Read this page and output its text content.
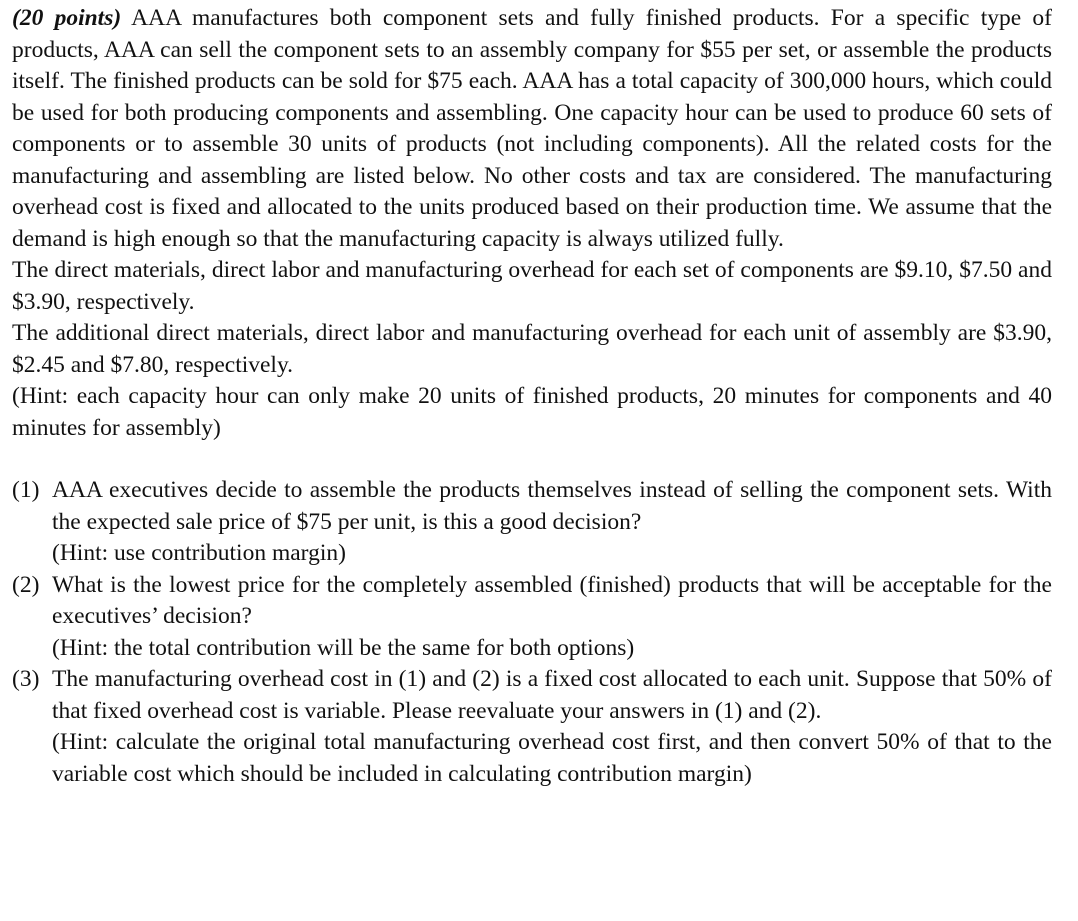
(20 points) AAA manufactures both component sets and fully finished products. For a specific type of products, AAA can sell the component sets to an assembly company for $55 per set, or assemble the products itself. The finished products can be sold for $75 each. AAA has a total capacity of 300,000 hours, which could be used for both producing components and assembling. One capacity hour can be used to produce 60 sets of components or to assemble 30 units of products (not including components). All the related costs for the manufacturing and assembling are listed below. No other costs and tax are considered. The manufacturing overhead cost is fixed and allocated to the units produced based on their production time. We assume that the demand is high enough so that the manufacturing capacity is always utilized fully.

The direct materials, direct labor and manufacturing overhead for each set of components are $9.10, $7.50 and $3.90, respectively.

The additional direct materials, direct labor and manufacturing overhead for each unit of assembly are $3.90, $2.45 and $7.80, respectively.

(Hint: each capacity hour can only make 20 units of finished products, 20 minutes for components and 40 minutes for assembly)

(1) AAA executives decide to assemble the products themselves instead of selling the component sets. With the expected sale price of $75 per unit, is this a good decision?

(Hint: use contribution margin)

(2) What is the lowest price for the completely assembled (finished) products that will be acceptable for the executives’ decision?

(Hint: the total contribution will be the same for both options)

(3) The manufacturing overhead cost in (1) and (2) is a fixed cost allocated to each unit. Suppose that 50% of that fixed overhead cost is variable. Please reevaluate your answers in (1) and (2).

(Hint: calculate the original total manufacturing overhead cost first, and then convert 50% of that to the variable cost which should be included in calculating contribution margin)
